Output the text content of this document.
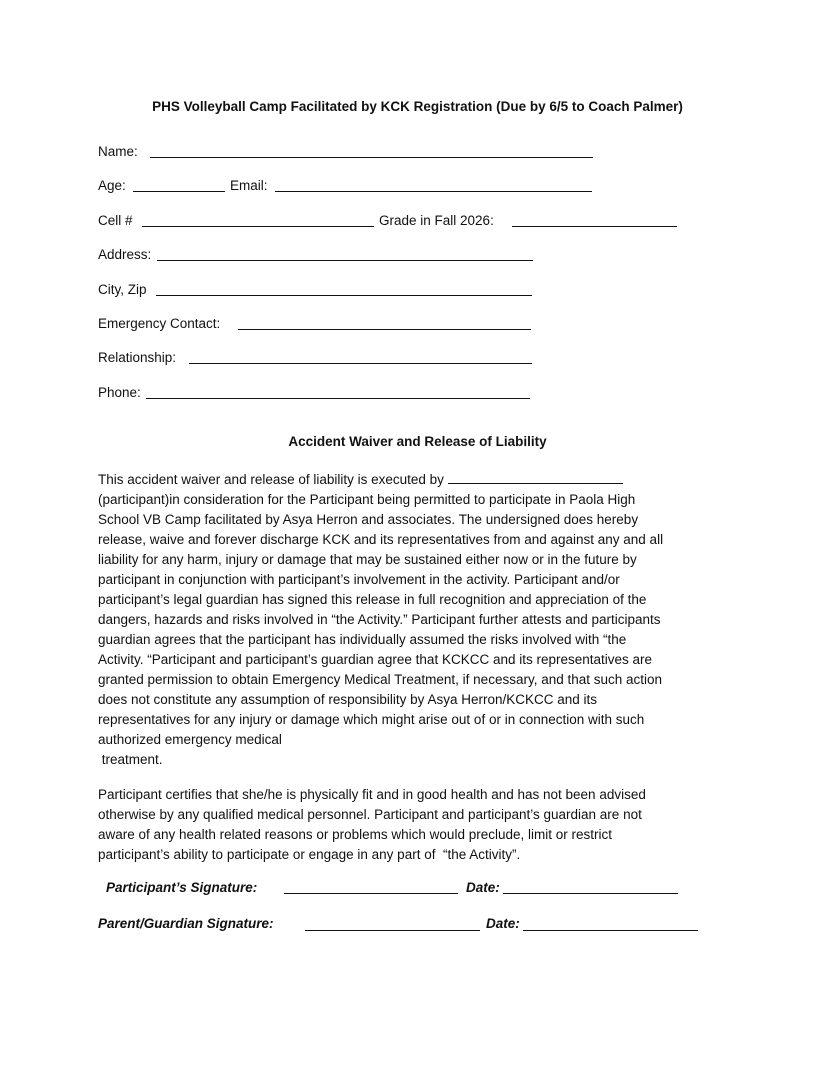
PHS Volleyball Camp Facilitated by KCK Registration (Due by 6/5 to Coach Palmer)
Name:
Age:	Email:
Cell #	Grade in Fall 2026:
Address:
City, Zip
Emergency Contact:
Relationship:
Phone:
Accident Waiver and Release of Liability
This accident waiver and release of liability is executed by
(participant)in consideration for the Participant being permitted to participate in Paola High
School VB Camp facilitated by Asya Herron and associates. The undersigned does hereby
release, waive and forever discharge KCK and its representatives from and against any and all
liability for any harm, injury or damage that may be sustained either now or in the future by
participant in conjunction with participant’s involvement in the activity. Participant and/or
participant’s legal guardian has signed this release in full recognition and appreciation of the
dangers, hazards and risks involved in “the Activity.” Participant further attests and participants
guardian agrees that the participant has individually assumed the risks involved with “the
Activity. “Participant and participant’s guardian agree that KCKCC and its representatives are
granted permission to obtain Emergency Medical Treatment, if necessary, and that such action
does not constitute any assumption of responsibility by Asya Herron/KCKCC and its
representatives for any injury or damage which might arise out of or in connection with such
authorized emergency medical
treatment.
Participant certifies that she/he is physically fit and in good health and has not been advised
otherwise by any qualified medical personnel. Participant and participant’s guardian are not
aware of any health related reasons or problems which would preclude, limit or restrict
participant’s ability to participate or engage in any part of  “the Activity”.
Participant’s Signature:	Date:
Parent/Guardian Signature:	Date:
